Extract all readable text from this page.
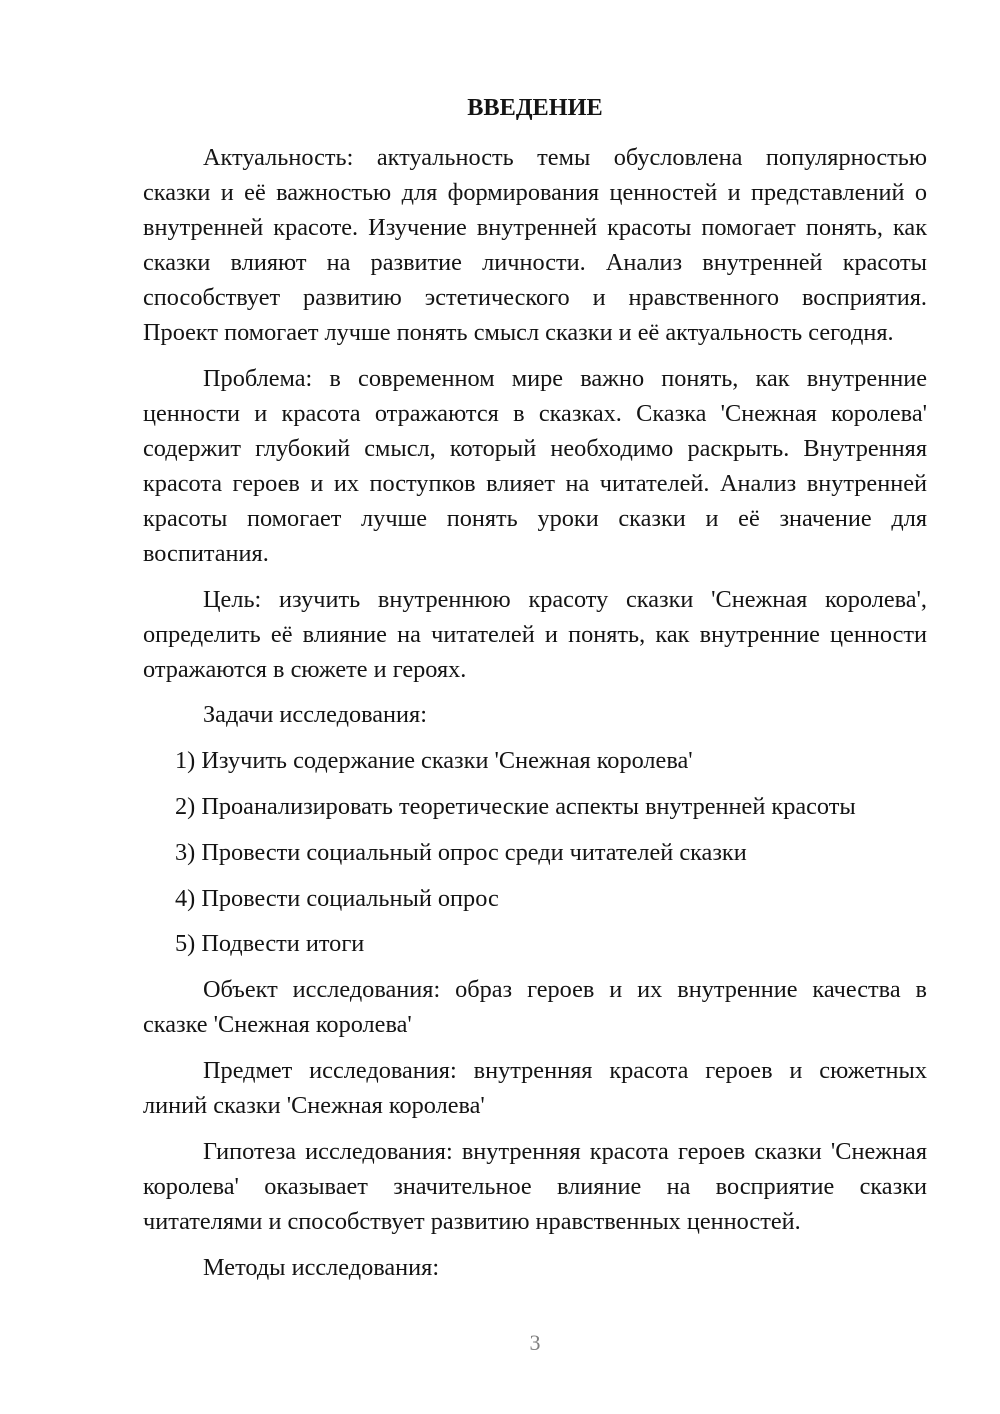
ВВЕДЕНИЕ

Актуальность: актуальность темы обусловлена популярностью
сказки и её важностью для формирования ценностей и представлений о
внутренней красоте. Изучение внутренней красоты помогает понять, как
сказки влияют на развитие личности. Анализ внутренней красоты
способствует развитию эстетического и нравственного восприятия.
Проект помогает лучше понять смысл сказки и её актуальность сегодня.

Проблема: в современном мире важно понять, как внутренние
ценности и красота отражаются в сказках. Сказка 'Снежная королева'
содержит глубокий смысл, который необходимо раскрыть. Внутренняя
красота героев и их поступков влияет на читателей. Анализ внутренней
красоты помогает лучше понять уроки сказки и её значение для
воспитания.

Цель: изучить внутреннюю красоту сказки 'Снежная королева',
определить её влияние на читателей и понять, как внутренние ценности
отражаются в сюжете и героях.

Задачи исследования:

1) Изучить содержание сказки 'Снежная королева'
2) Проанализировать теоретические аспекты внутренней красоты
3) Провести социальный опрос среди читателей сказки
4) Провести социальный опрос
5) Подвести итоги

Объект исследования: образ героев и их внутренние качества в
сказке 'Снежная королева'

Предмет исследования: внутренняя красота героев и сюжетных
линий сказки 'Снежная королева'

Гипотеза исследования: внутренняя красота героев сказки 'Снежная
королева' оказывает значительное влияние на восприятие сказки
читателями и способствует развитию нравственных ценностей.

Методы исследования:

3
